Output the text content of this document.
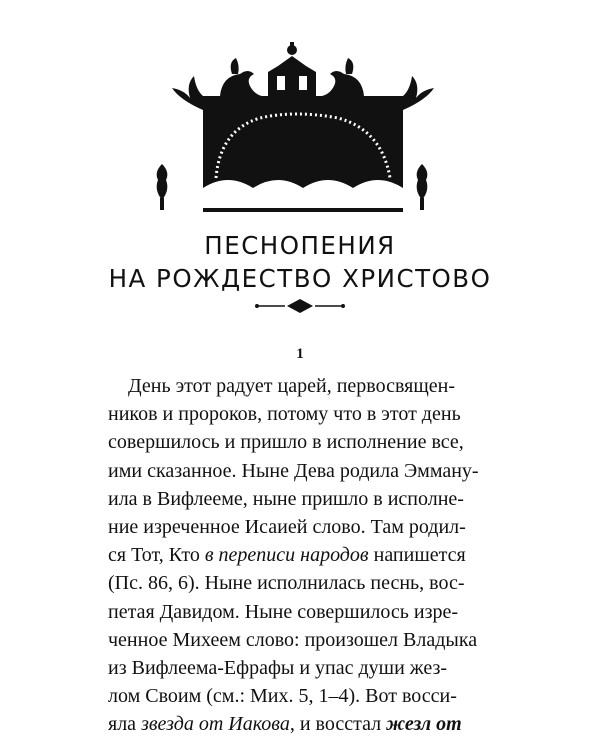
ПЕСНОПЕНИЯ
НА РОЖДЕСТВО ХРИСТОВО
1
День этот радует царей, первосвящен-
ников и пророков, потому что в этот день
совершилось и пришло в исполнение все,
ими сказанное. Ныне Дева родила Эмману-
ила в Вифлееме, ныне пришло в исполне-
ние изреченное Исаией слово. Там родил-
ся Тот, Кто в переписи народов напишется
(Пс. 86, 6). Ныне исполнилась песнь, вос-
петая Давидом. Ныне совершилось изре-
ченное Михеем слово: произошел Владыка
из Вифлеема-Ефрафы и упас души жез-
лом Своим (см.: Мих. 5, 1–4). Вот восси-
яла звезда от Иакова, и восстал жезл от
